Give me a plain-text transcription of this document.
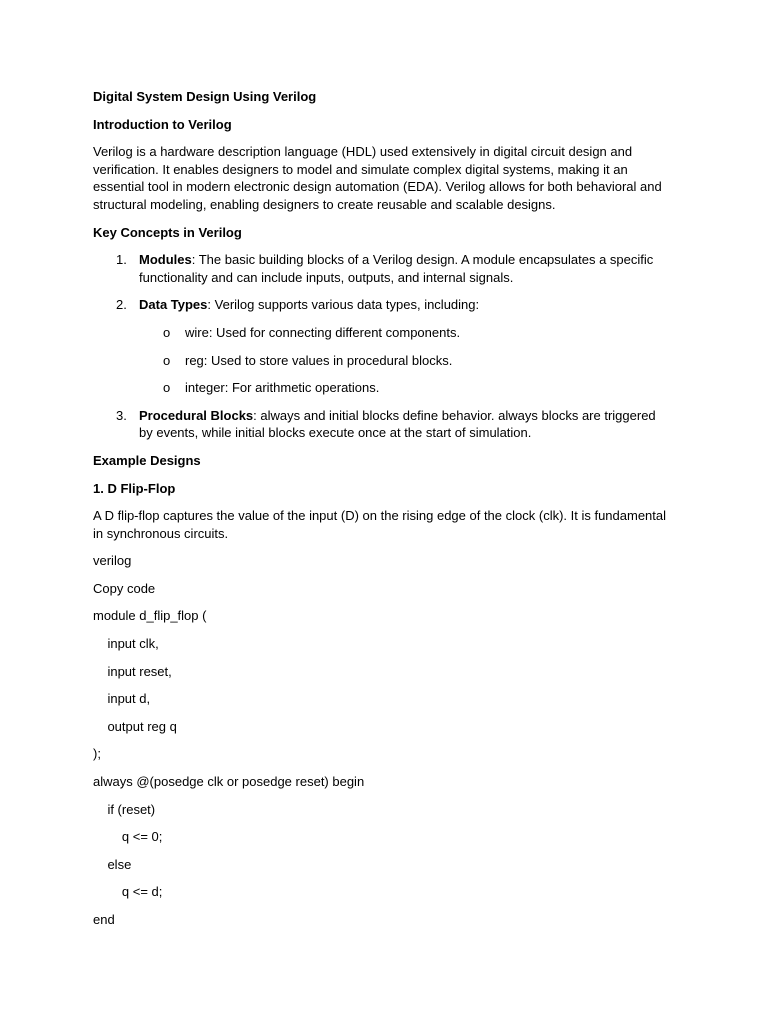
Digital System Design Using Verilog

Introduction to Verilog

Verilog is a hardware description language (HDL) used extensively in digital circuit design and verification. It enables designers to model and simulate complex digital systems, making it an essential tool in modern electronic design automation (EDA). Verilog allows for both behavioral and structural modeling, enabling designers to create reusable and scalable designs.

Key Concepts in Verilog

1. Modules: The basic building blocks of a Verilog design. A module encapsulates a specific functionality and can include inputs, outputs, and internal signals.

2. Data Types: Verilog supports various data types, including:

o wire: Used for connecting different components.

o reg: Used to store values in procedural blocks.

o integer: For arithmetic operations.

3. Procedural Blocks: always and initial blocks define behavior. always blocks are triggered by events, while initial blocks execute once at the start of simulation.

Example Designs

1. D Flip-Flop

A D flip-flop captures the value of the input (D) on the rising edge of the clock (clk). It is fundamental in synchronous circuits.

verilog

Copy code

module d_flip_flop (

input clk,

input reset,

input d,

output reg q

);

always @(posedge clk or posedge reset) begin

if (reset)

q <= 0;

else

q <= d;

end
